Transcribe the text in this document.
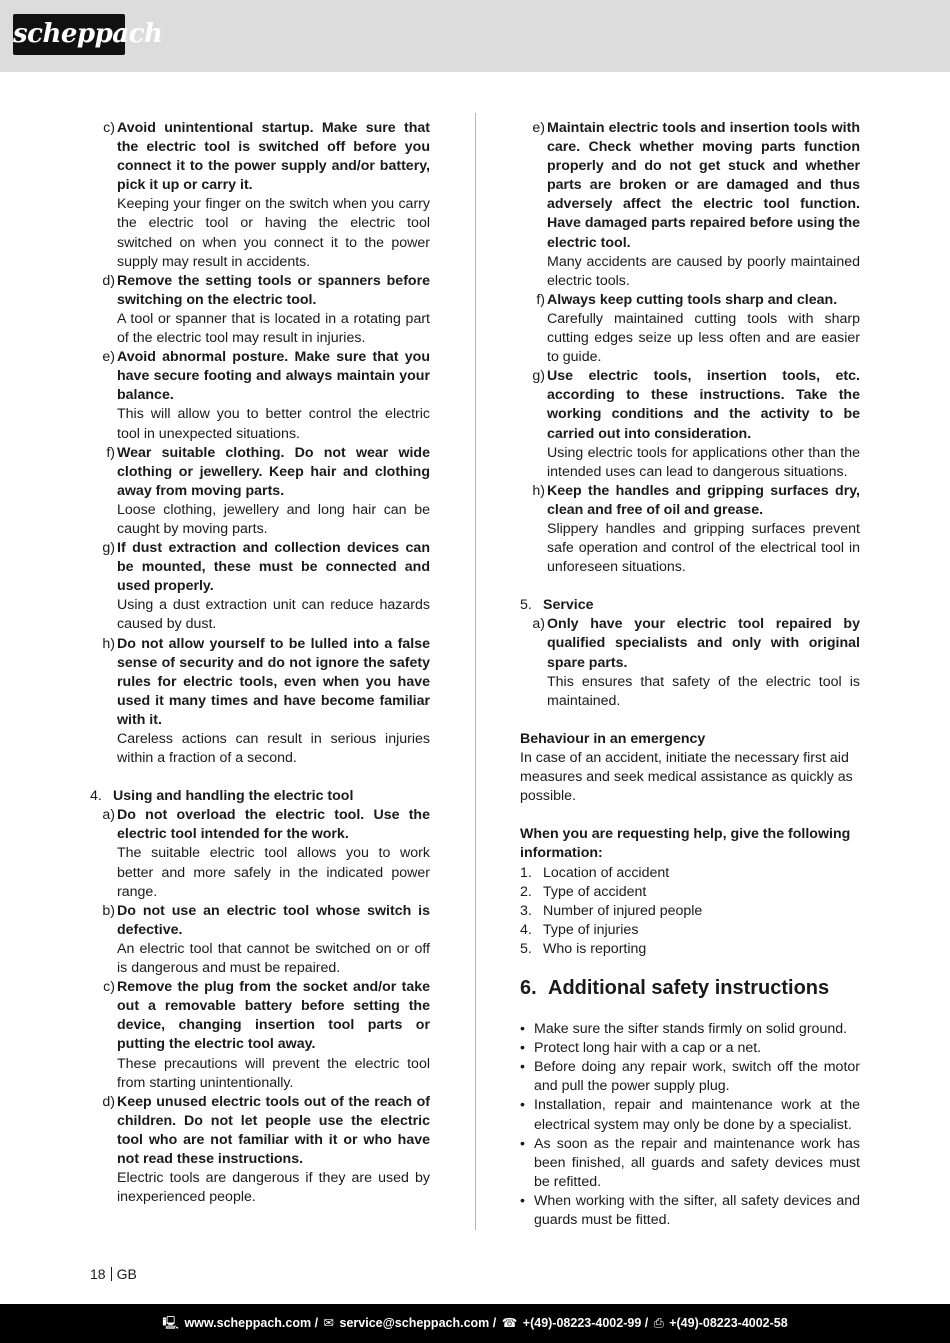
scheppach
c) Avoid unintentional startup. Make sure that the electric tool is switched off before you connect it to the power supply and/or battery, pick it up or carry it.
Keeping your finger on the switch when you carry the electric tool or having the electric tool switched on when you connect it to the power supply may result in accidents.
d) Remove the setting tools or spanners before switching on the electric tool.
A tool or spanner that is located in a rotating part of the electric tool may result in injuries.
e) Avoid abnormal posture. Make sure that you have secure footing and always maintain your balance.
This will allow you to better control the electric tool in unexpected situations.
f) Wear suitable clothing. Do not wear wide clothing or jewellery. Keep hair and clothing away from moving parts.
Loose clothing, jewellery and long hair can be caught by moving parts.
g) If dust extraction and collection devices can be mounted, these must be connected and used properly.
Using a dust extraction unit can reduce hazards caused by dust.
h) Do not allow yourself to be lulled into a false sense of security and do not ignore the safety rules for electric tools, even when you have used it many times and have become familiar with it.
Careless actions can result in serious injuries within a fraction of a second.
4. Using and handling the electric tool
a) Do not overload the electric tool. Use the electric tool intended for the work.
The suitable electric tool allows you to work better and more safely in the indicated power range.
b) Do not use an electric tool whose switch is defective.
An electric tool that cannot be switched on or off is dangerous and must be repaired.
c) Remove the plug from the socket and/or take out a removable battery before setting the device, changing insertion tool parts or putting the electric tool away.
These precautions will prevent the electric tool from starting unintentionally.
d) Keep unused electric tools out of the reach of children. Do not let people use the electric tool who are not familiar with it or who have not read these instructions.
Electric tools are dangerous if they are used by inexperienced people.
e) Maintain electric tools and insertion tools with care. Check whether moving parts function properly and do not get stuck and whether parts are broken or are damaged and thus adversely affect the electric tool function. Have damaged parts repaired before using the electric tool.
Many accidents are caused by poorly maintained electric tools.
f) Always keep cutting tools sharp and clean.
Carefully maintained cutting tools with sharp cutting edges seize up less often and are easier to guide.
g) Use electric tools, insertion tools, etc. according to these instructions. Take the working conditions and the activity to be carried out into consideration.
Using electric tools for applications other than the intended uses can lead to dangerous situations.
h) Keep the handles and gripping surfaces dry, clean and free of oil and grease.
Slippery handles and gripping surfaces prevent safe operation and control of the electrical tool in unforeseen situations.
5. Service
a) Only have your electric tool repaired by qualified specialists and only with original spare parts.
This ensures that safety of the electric tool is maintained.
Behaviour in an emergency
In case of an accident, initiate the necessary first aid measures and seek medical assistance as quickly as possible.
When you are requesting help, give the following information:
1. Location of accident
2. Type of accident
3. Number of injured people
4. Type of injuries
5. Who is reporting
6. Additional safety instructions
• Make sure the sifter stands firmly on solid ground.
• Protect long hair with a cap or a net.
• Before doing any repair work, switch off the motor and pull the power supply plug.
• Installation, repair and maintenance work at the electrical system may only be done by a specialist.
• As soon as the repair and maintenance work has been finished, all guards and safety devices must be refitted.
• When working with the sifter, all safety devices and guards must be fitted.
18 GB
🖳 www.scheppach.com / ✉ service@scheppach.com / ☎ +(49)-08223-4002-99 / ⎙ +(49)-08223-4002-58
